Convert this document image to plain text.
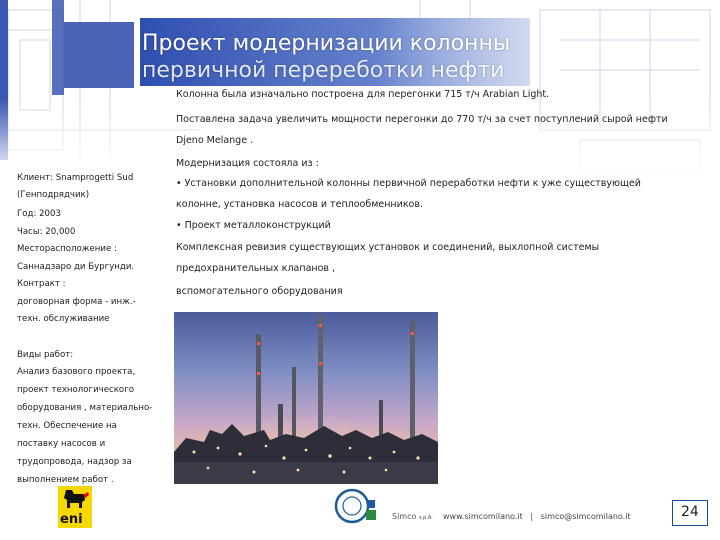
Проект модернизации колонны
первичной перереботки нефти
Колонна была изначально построена для перегонки 715 т/ч Arabian Light.
Поставлена задача увеличить мощности перегонки до 770 т/ч за счет поступлений сырой нефти
Djeno Melange .
Модернизация состояла из :
• Установки дополнительной колонны первичной переработки нефти к уже существующей
колонне, установка насосов и теплообменников.
• Проект металлоконструкций
Комплексная ревизия существующих установок и соединений, выхлопной системы
предохранительных клапанов ,
вспомогательного оборудования
Клиент: Snamprogetti Sud
(Генподрядчик)
Год: 2003
Часы: 20,000
Месторасположение :
Саннадзаро ди Бургунди.
Контракт :
договорная форма - инж.-
техн. обслуживание
Виды работ:
Анализ базового проекта,
проект технологического
оборудования , материально-
техн. Обеспечение на
поставку насосов и
трудопровода, надзор за
выполнением работ .
eni	Simco s.p.A. www.simcomilano.it | simco@simcomilano.it	24
